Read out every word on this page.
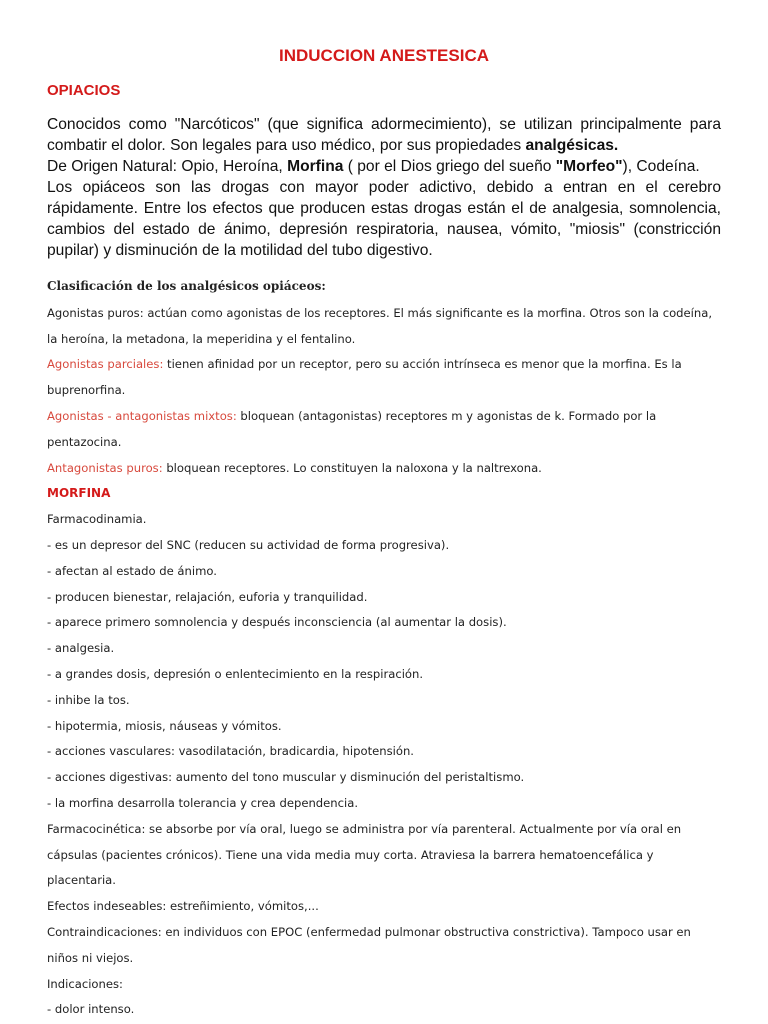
INDUCCION ANESTESICA
OPIACIOS
Conocidos como "Narcóticos" (que significa adormecimiento), se utilizan principalmente para combatir el dolor. Son legales para uso médico, por sus propiedades analgésicas.
De Origen Natural: Opio, Heroína, Morfina ( por el Dios griego del sueño "Morfeo"), Codeína.
Los opiáceos son las drogas con mayor poder adictivo, debido a entran en el cerebro rápidamente. Entre los efectos que producen estas drogas están el de analgesia, somnolencia, cambios del estado de ánimo, depresión respiratoria, nausea, vómito, "miosis" (constricción pupilar) y disminución de la motilidad del tubo digestivo.

Clasificación de los analgésicos opiáceos:

Agonistas puros: actúan como agonistas de los receptores. El más significante es la morfina. Otros son la codeína,

la heroína, la metadona, la meperidina y el fentalino.

Agonistas parciales: tienen afinidad por un receptor, pero su acción intrínseca es menor que la morfina. Es la

buprenorfina.

Agonistas - antagonistas mixtos: bloquean (antagonistas) receptores m y agonistas de k. Formado por la

pentazocina.

Antagonistas puros: bloquean receptores. Lo constituyen la naloxona y la naltrexona.

MORFINA

Farmacodinamia.

- es un depresor del SNC (reducen su actividad de forma progresiva).

- afectan al estado de ánimo.

- producen bienestar, relajación, euforia y tranquilidad.

- aparece primero somnolencia y después inconsciencia (al aumentar la dosis).

- analgesia.

- a grandes dosis, depresión o enlentecimiento en la respiración.

- inhibe la tos.

- hipotermia, miosis, náuseas y vómitos.

- acciones vasculares: vasodilatación, bradicardia, hipotensión.

- acciones digestivas: aumento del tono muscular y disminución del peristaltismo.

- la morfina desarrolla tolerancia y crea dependencia.

Farmacocinética: se absorbe por vía oral, luego se administra por vía parenteral. Actualmente por vía oral en

cápsulas (pacientes crónicos). Tiene una vida media muy corta. Atraviesa la barrera hematoencefálica y

placentaria.

Efectos indeseables: estreñimiento, vómitos,...

Contraindicaciones: en individuos con EPOC (enfermedad pulmonar obstructiva constrictiva). Tampoco usar en

niños ni viejos.

Indicaciones:

- dolor intenso.
